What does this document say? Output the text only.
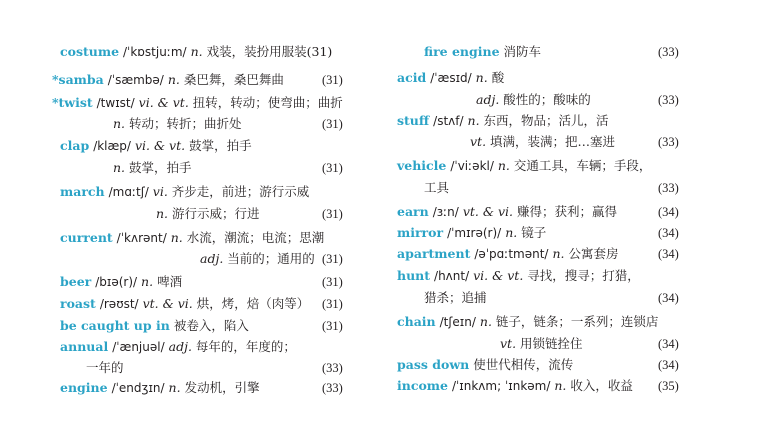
costume /ˈkɒstjuːm/ n. 戏装，装扮用服装(31)
*samba /ˈsæmbə/ n. 桑巴舞，桑巴舞曲	(31)
*twist /twɪst/ vi. & vt. 扭转，转动；使弯曲；曲折
n. 转动；转折；曲折处	(31)
clap /klæp/ vi. & vt. 鼓掌，拍手
n. 鼓掌，拍手	(31)
march /mɑːtʃ/ vi. 齐步走，前进；游行示威
n. 游行示威；行进	(31)
current /ˈkʌrənt/ n. 水流，潮流；电流；思潮
adj. 当前的；通用的 (31)
beer /bɪə(r)/ n. 啤酒	(31)
roast /rəʊst/ vt. & vi. 烘，烤，焙（肉等） (31)
be caught up in 被卷入，陷入	(31)
annual /ˈænjuəl/ adj. 每年的，年度的；
一年的	(33)
engine /ˈendʒɪn/ n. 发动机，引擎	(33)
fire engine 消防车	(33)
acid /ˈæsɪd/ n. 酸
adj. 酸性的；酸味的	(33)
stuff /stʌf/ n. 东西，物品；活儿，活
vt. 填满，装满；把…塞进	(33)
vehicle /ˈviːəkl/ n. 交通工具，车辆；手段，
工具	(33)
earn /ɜːn/ vt. & vi. 赚得；获利；赢得	(34)
mirror /ˈmɪrə(r)/ n. 镜子	(34)
apartment /əˈpɑːtmənt/ n. 公寓套房	(34)
hunt /hʌnt/ vi. & vt. 寻找，搜寻；打猎，
猎杀；追捕	(34)
chain /tʃeɪn/ n. 链子，链条；一系列；连锁店
vt. 用锁链拴住	(34)
pass down 使世代相传，流传	(34)
income /ˈɪnkʌm; ˈɪnkəm/ n. 收入，收益 (35)
